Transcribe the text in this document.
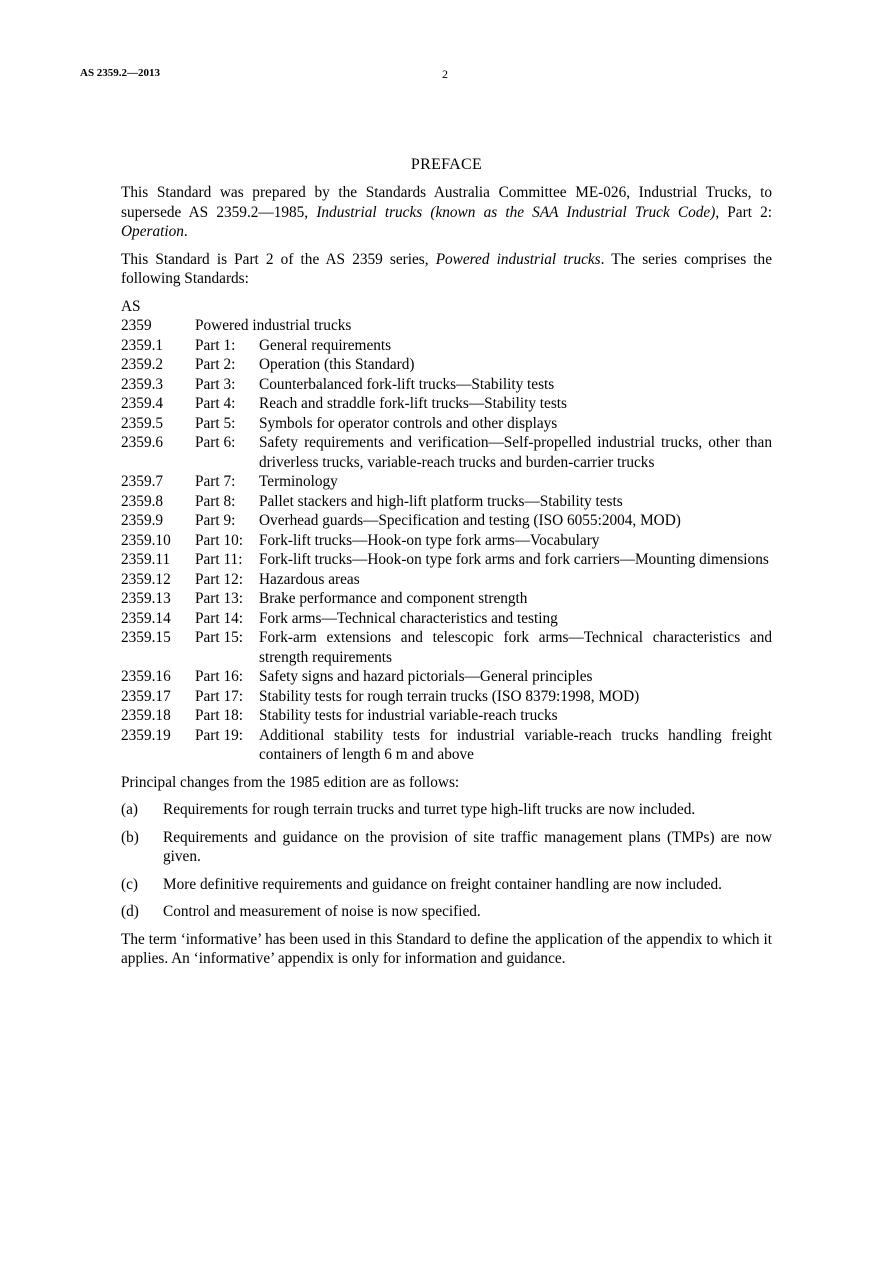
AS 2359.2—2013	2
PREFACE

This Standard was prepared by the Standards Australia Committee ME-026, Industrial Trucks, to supersede AS 2359.2—1985, Industrial trucks (known as the SAA Industrial Truck Code), Part 2: Operation.

This Standard is Part 2 of the AS 2359 series, Powered industrial trucks. The series comprises the following Standards:

AS
2359	Powered industrial trucks
2359.1	Part 1:	General requirements
2359.2	Part 2:	Operation (this Standard)
2359.3	Part 3:	Counterbalanced fork-lift trucks—Stability tests
2359.4	Part 4:	Reach and straddle fork-lift trucks—Stability tests
2359.5	Part 5:	Symbols for operator controls and other displays
2359.6	Part 6:	Safety requirements and verification—Self-propelled industrial trucks, other than driverless trucks, variable-reach trucks and burden-carrier trucks
2359.7	Part 7:	Terminology
2359.8	Part 8:	Pallet stackers and high-lift platform trucks—Stability tests
2359.9	Part 9:	Overhead guards—Specification and testing (ISO 6055:2004, MOD)
2359.10	Part 10:	Fork-lift trucks—Hook-on type fork arms—Vocabulary
2359.11	Part 11:	Fork-lift trucks—Hook-on type fork arms and fork carriers—Mounting dimensions
2359.12	Part 12:	Hazardous areas
2359.13	Part 13:	Brake performance and component strength
2359.14	Part 14:	Fork arms—Technical characteristics and testing
2359.15	Part 15:	Fork-arm extensions and telescopic fork arms—Technical characteristics and strength requirements
2359.16	Part 16:	Safety signs and hazard pictorials—General principles
2359.17	Part 17:	Stability tests for rough terrain trucks (ISO 8379:1998, MOD)
2359.18	Part 18:	Stability tests for industrial variable-reach trucks
2359.19	Part 19:	Additional stability tests for industrial variable-reach trucks handling freight containers of length 6 m and above

Principal changes from the 1985 edition are as follows:

(a)	Requirements for rough terrain trucks and turret type high-lift trucks are now included.
(b)	Requirements and guidance on the provision of site traffic management plans (TMPs) are now given.
(c)	More definitive requirements and guidance on freight container handling are now included.
(d)	Control and measurement of noise is now specified.

The term ‘informative’ has been used in this Standard to define the application of the appendix to which it applies. An ‘informative’ appendix is only for information and guidance.
